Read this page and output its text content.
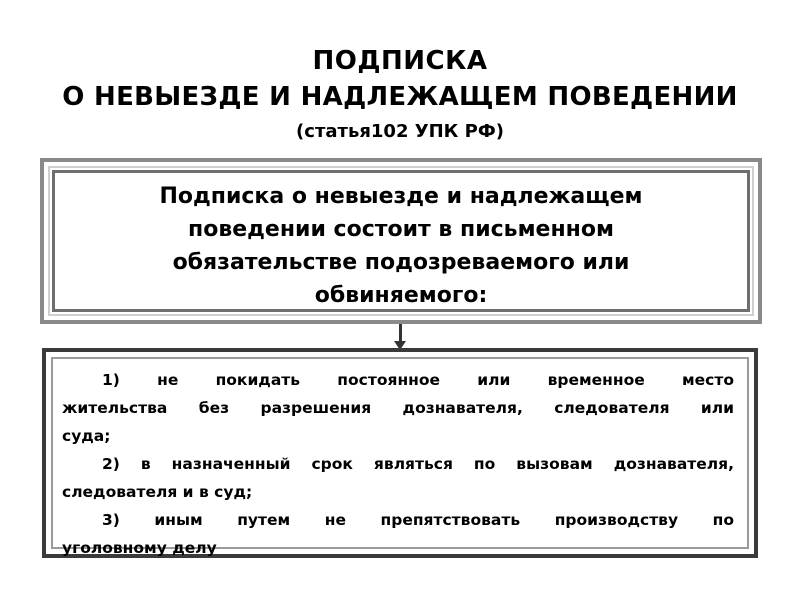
ПОДПИСКА
О НЕВЫЕЗДЕ И НАДЛЕЖАЩЕМ ПОВЕДЕНИИ
(статья102 УПК РФ)
Подписка о невыезде и надлежащем
поведении состоит в письменном
обязательстве подозреваемого или
обвиняемого:
1) не покидать постоянное или временное место
жительства без разрешения дознавателя, следователя или
суда;
2) в назначенный срок являться по вызовам дознавателя,
следователя и в суд;
3) иным путем не препятствовать производству по
уголовному делу
